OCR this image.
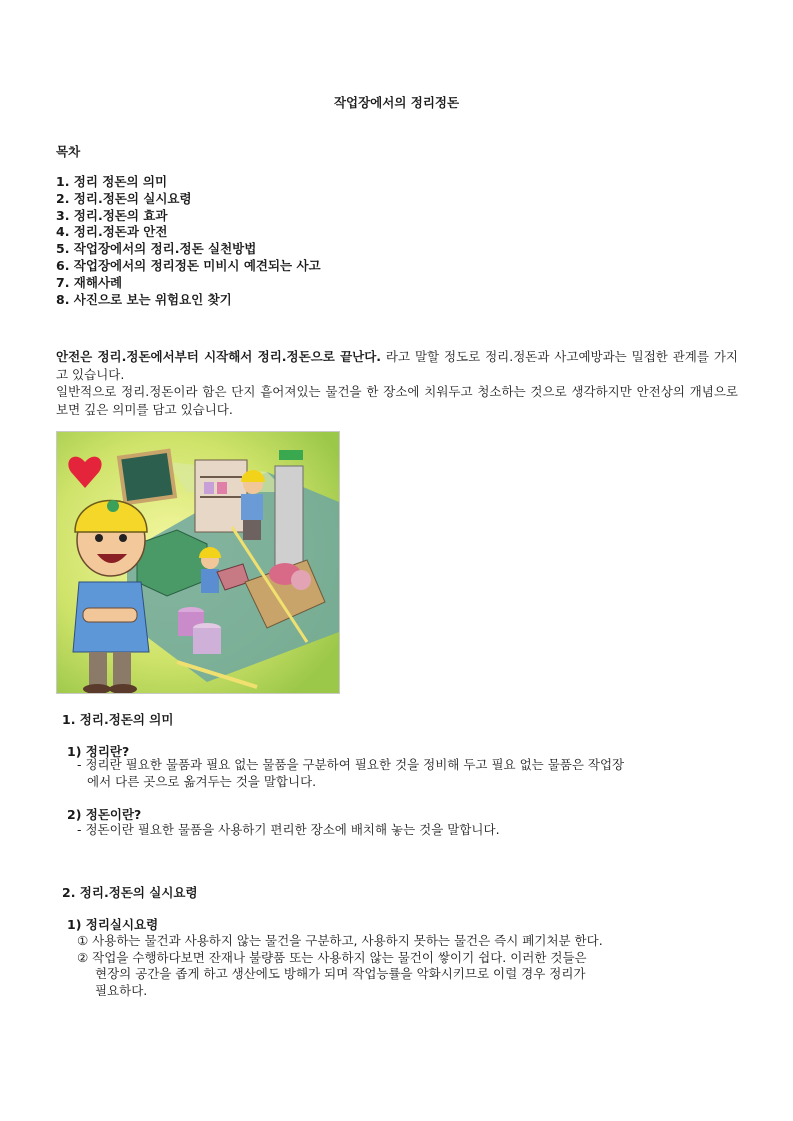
작업장에서의 정리정돈
목차
1. 정리 정돈의 의미
2. 정리.정돈의 실시요령
3. 정리.정돈의 효과
4. 정리.정돈과 안전
5. 작업장에서의 정리.정돈 실천방법
6. 작업장에서의 정리정돈 미비시 예견되는 사고
7. 재해사례
8. 사진으로 보는 위험요인 찾기

안전은 정리.정돈에서부터 시작해서 정리.정돈으로 끝난다. 라고 말할 정도로 정리.정돈과 사고예방과는 밀접한 관계를 가지고 있습니다.

일반적으로 정리.정돈이라 함은 단지 흩어져있는 물건을 한 장소에 치워두고 청소하는 것으로 생각하지만 안전상의 개념으로 보면 깊은 의미를 담고 있습니다.

1. 정리.정돈의 의미
1) 정리란?
- 정리란 필요한 물품과 필요 없는 물품을 구분하여 필요한 것을 정비해 두고 필요 없는 물품은 작업장
에서 다른 곳으로 옮겨두는 것을 말합니다.
2) 정돈이란?
- 정돈이란 필요한 물품을 사용하기 편리한 장소에 배치해 놓는 것을 말합니다.
2. 정리.정돈의 실시요령
1) 정리실시요령
① 사용하는 물건과 사용하지 않는 물건을 구분하고, 사용하지 못하는 물건은 즉시 폐기처분 한다.
② 작업을 수행하다보면 잔재나 불량품 또는 사용하지 않는 물건이 쌓이기 쉽다. 이러한 것들은
현장의 공간을 좁게 하고 생산에도 방해가 되며 작업능률을 악화시키므로 이럴 경우 정리가
필요하다.
